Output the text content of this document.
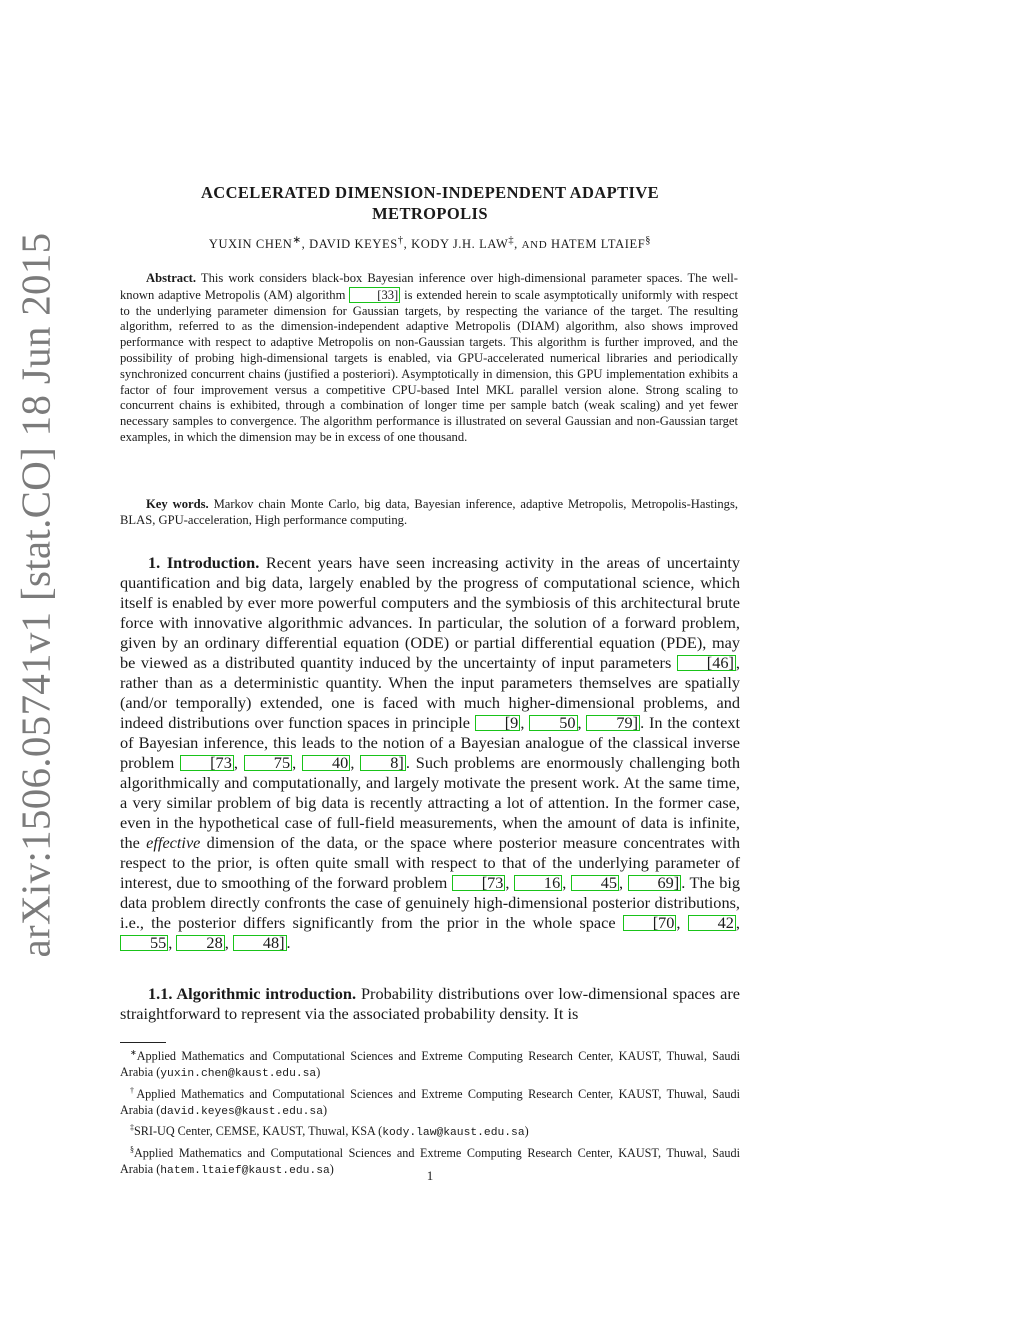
arXiv:1506.05741v1 [stat.CO] 18 Jun 2015
ACCELERATED DIMENSION-INDEPENDENT ADAPTIVE
METROPOLIS
YUXIN CHEN∗, DAVID KEYES†, KODY J.H. LAW‡, AND HATEM LTAIEF§

Abstract. This work considers black-box Bayesian inference over high-dimensional parameter spaces. The well-known adaptive Metropolis (AM) algorithm [33] is extended herein to scale asymptotically uniformly with respect to the underlying parameter dimension for Gaussian targets, by respecting the variance of the target. The resulting algorithm, referred to as the dimension-independent adaptive Metropolis (DIAM) algorithm, also shows improved performance with respect to adaptive Metropolis on non-Gaussian targets. This algorithm is further improved, and the possibility of probing high-dimensional targets is enabled, via GPU-accelerated numerical libraries and periodically synchronized concurrent chains (justified a posteriori). Asymptotically in dimension, this GPU implementation exhibits a factor of four improvement versus a competitive CPU-based Intel MKL parallel version alone. Strong scaling to concurrent chains is exhibited, through a combination of longer time per sample batch (weak scaling) and yet fewer necessary samples to convergence. The algorithm performance is illustrated on several Gaussian and non-Gaussian target examples, in which the dimension may be in excess of one thousand.

Key words. Markov chain Monte Carlo, big data, Bayesian inference, adaptive Metropolis, Metropolis-Hastings, BLAS, GPU-acceleration, High performance computing.

1. Introduction. Recent years have seen increasing activity in the areas of uncertainty quantification and big data, largely enabled by the progress of computational science, which itself is enabled by ever more powerful computers and the symbiosis of this architectural brute force with innovative algorithmic advances. In particular, the solution of a forward problem, given by an ordinary differential equation (ODE) or partial differential equation (PDE), may be viewed as a distributed quantity induced by the uncertainty of input parameters [46] , rather than as a deterministic quantity. When the input parameters themselves are spatially (and/or temporally) extended, one is faced with much higher-dimensional problems, and indeed distributions over function spaces in principle [9 , 50 , 79] . In the context of Bayesian inference, this leads to the notion of a Bayesian analogue of the classical inverse problem [73 , 75 , 40 , 8] . Such problems are enormously challenging both algorithmically and computationally, and largely motivate the present work. At the same time, a very similar problem of big data is recently attracting a lot of attention. In the former case, even in the hypothetical case of full-field measurements, when the amount of data is infinite, the effective dimension of the data, or the space where posterior measure concentrates with respect to the prior, is often quite small with respect to that of the underlying parameter of interest, due to smoothing of the forward problem [73 , 16 , 45 , 69] . The big data problem directly confronts the case of genuinely high-dimensional posterior distributions, i.e., the posterior differs significantly from the prior in the whole space [70 , 42 , 55 , 28 , 48] .

1.1. Algorithmic introduction. Probability distributions over low-dimensional spaces are straightforward to represent via the associated probability density. It is

∗Applied Mathematics and Computational Sciences and Extreme Computing Research Center, KAUST, Thuwal, Saudi Arabia (yuxin.chen@kaust.edu.sa)

†Applied Mathematics and Computational Sciences and Extreme Computing Research Center, KAUST, Thuwal, Saudi Arabia (david.keyes@kaust.edu.sa)

‡SRI-UQ Center, CEMSE, KAUST, Thuwal, KSA (kody.law@kaust.edu.sa)

§Applied Mathematics and Computational Sciences and Extreme Computing Research Center, KAUST, Thuwal, Saudi Arabia (hatem.ltaief@kaust.edu.sa)	1
